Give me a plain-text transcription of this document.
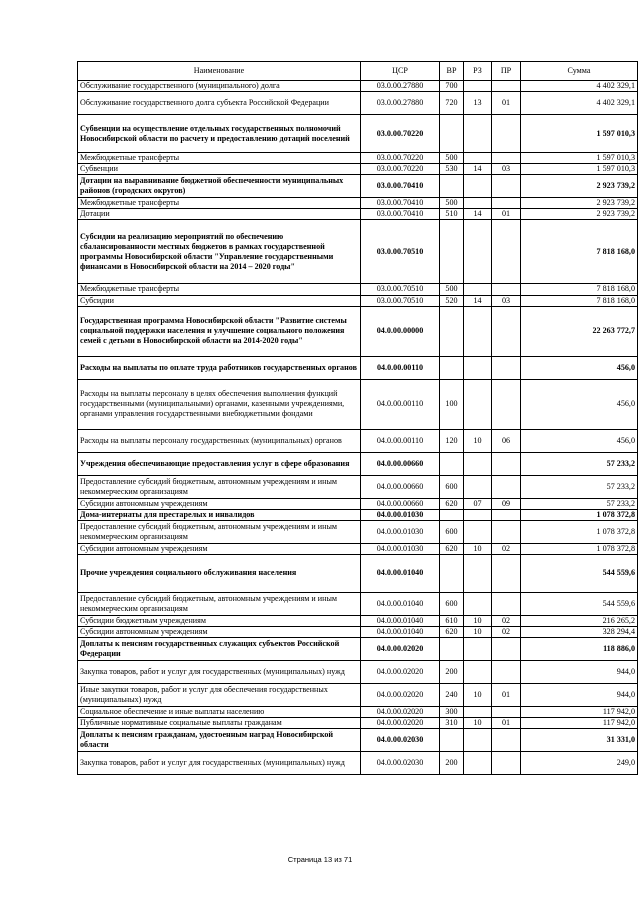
Наименование	ЦСР	ВР	РЗ	ПР	Сумма
Обслуживание государственного (муниципального) долга	03.0.00.27880	700			4 402 329,1
Обслуживание государственного долга субъекта Российской Федерации	03.0.00.27880	720	13	01	4 402 329,1
Субвенции на осуществление отдельных государственных полномочий Новосибирской области по расчету и предоставлению дотаций поселений	03.0.00.70220				1 597 010,3
Межбюджетные трансферты	03.0.00.70220	500			1 597 010,3
Субвенции	03.0.00.70220	530	14	03	1 597 010,3
Дотации на выравнивание бюджетной обеспеченности муниципальных районов (городских округов)	03.0.00.70410				2 923 739,2
Межбюджетные трансферты	03.0.00.70410	500			2 923 739,2
Дотации	03.0.00.70410	510	14	01	2 923 739,2
Субсидии на реализацию мероприятий по обеспечению сбалансированности местных бюджетов в рамках государственной программы Новосибирской области "Управление государственными финансами в Новосибирской области на 2014 – 2020 годы"	03.0.00.70510				7 818 168,0
Межбюджетные трансферты	03.0.00.70510	500			7 818 168,0
Субсидии	03.0.00.70510	520	14	03	7 818 168,0
Государственная программа Новосибирской области "Развитие системы социальной поддержки населения и улучшение социального положения семей с детьми в Новосибирской области на 2014-2020 годы"	04.0.00.00000				22 263 772,7
Расходы на выплаты по оплате труда работников государственных органов	04.0.00.00110				456,0
Расходы на выплаты персоналу в целях обеспечения выполнения функций государственными (муниципальными) органами, казенными учреждениями, органами управления государственными внебюджетными фондами	04.0.00.00110	100			456,0
Расходы на выплаты персоналу государственных (муниципальных) органов	04.0.00.00110	120	10	06	456,0
Учреждения обеспечивающие предоставления услуг в сфере образования	04.0.00.00660				57 233,2
Предоставление субсидий бюджетным, автономным учреждениям и иным некоммерческим организациям	04.0.00.00660	600			57 233,2
Субсидии автономным учреждениям	04.0.00.00660	620	07	09	57 233,2
Дома-интернаты для престарелых и инвалидов	04.0.00.01030				1 078 372,8
Предоставление субсидий бюджетным, автономным учреждениям и иным некоммерческим организациям	04.0.00.01030	600			1 078 372,8
Субсидии автономным учреждениям	04.0.00.01030	620	10	02	1 078 372,8
Прочие учреждения социального обслуживания населения	04.0.00.01040				544 559,6
Предоставление субсидий бюджетным, автономным учреждениям и иным некоммерческим организациям	04.0.00.01040	600			544 559,6
Субсидии бюджетным учреждениям	04.0.00.01040	610	10	02	216 265,2
Субсидии автономным учреждениям	04.0.00.01040	620	10	02	328 294,4
Доплаты к пенсиям государственных служащих субъектов Российской Федерации	04.0.00.02020				118 886,0
Закупка товаров, работ и услуг для государственных (муниципальных) нужд	04.0.00.02020	200			944,0
Иные закупки товаров, работ и услуг для обеспечения государственных (муниципальных) нужд	04.0.00.02020	240	10	01	944,0
Социальное обеспечение и иные выплаты населению	04.0.00.02020	300			117 942,0
Публичные нормативные социальные выплаты гражданам	04.0.00.02020	310	10	01	117 942,0
Доплаты к пенсиям гражданам, удостоенным наград Новосибирской области	04.0.00.02030				31 331,0
Закупка товаров, работ и услуг для государственных (муниципальных) нужд	04.0.00.02030	200			249,0
Страница 13 из 71
